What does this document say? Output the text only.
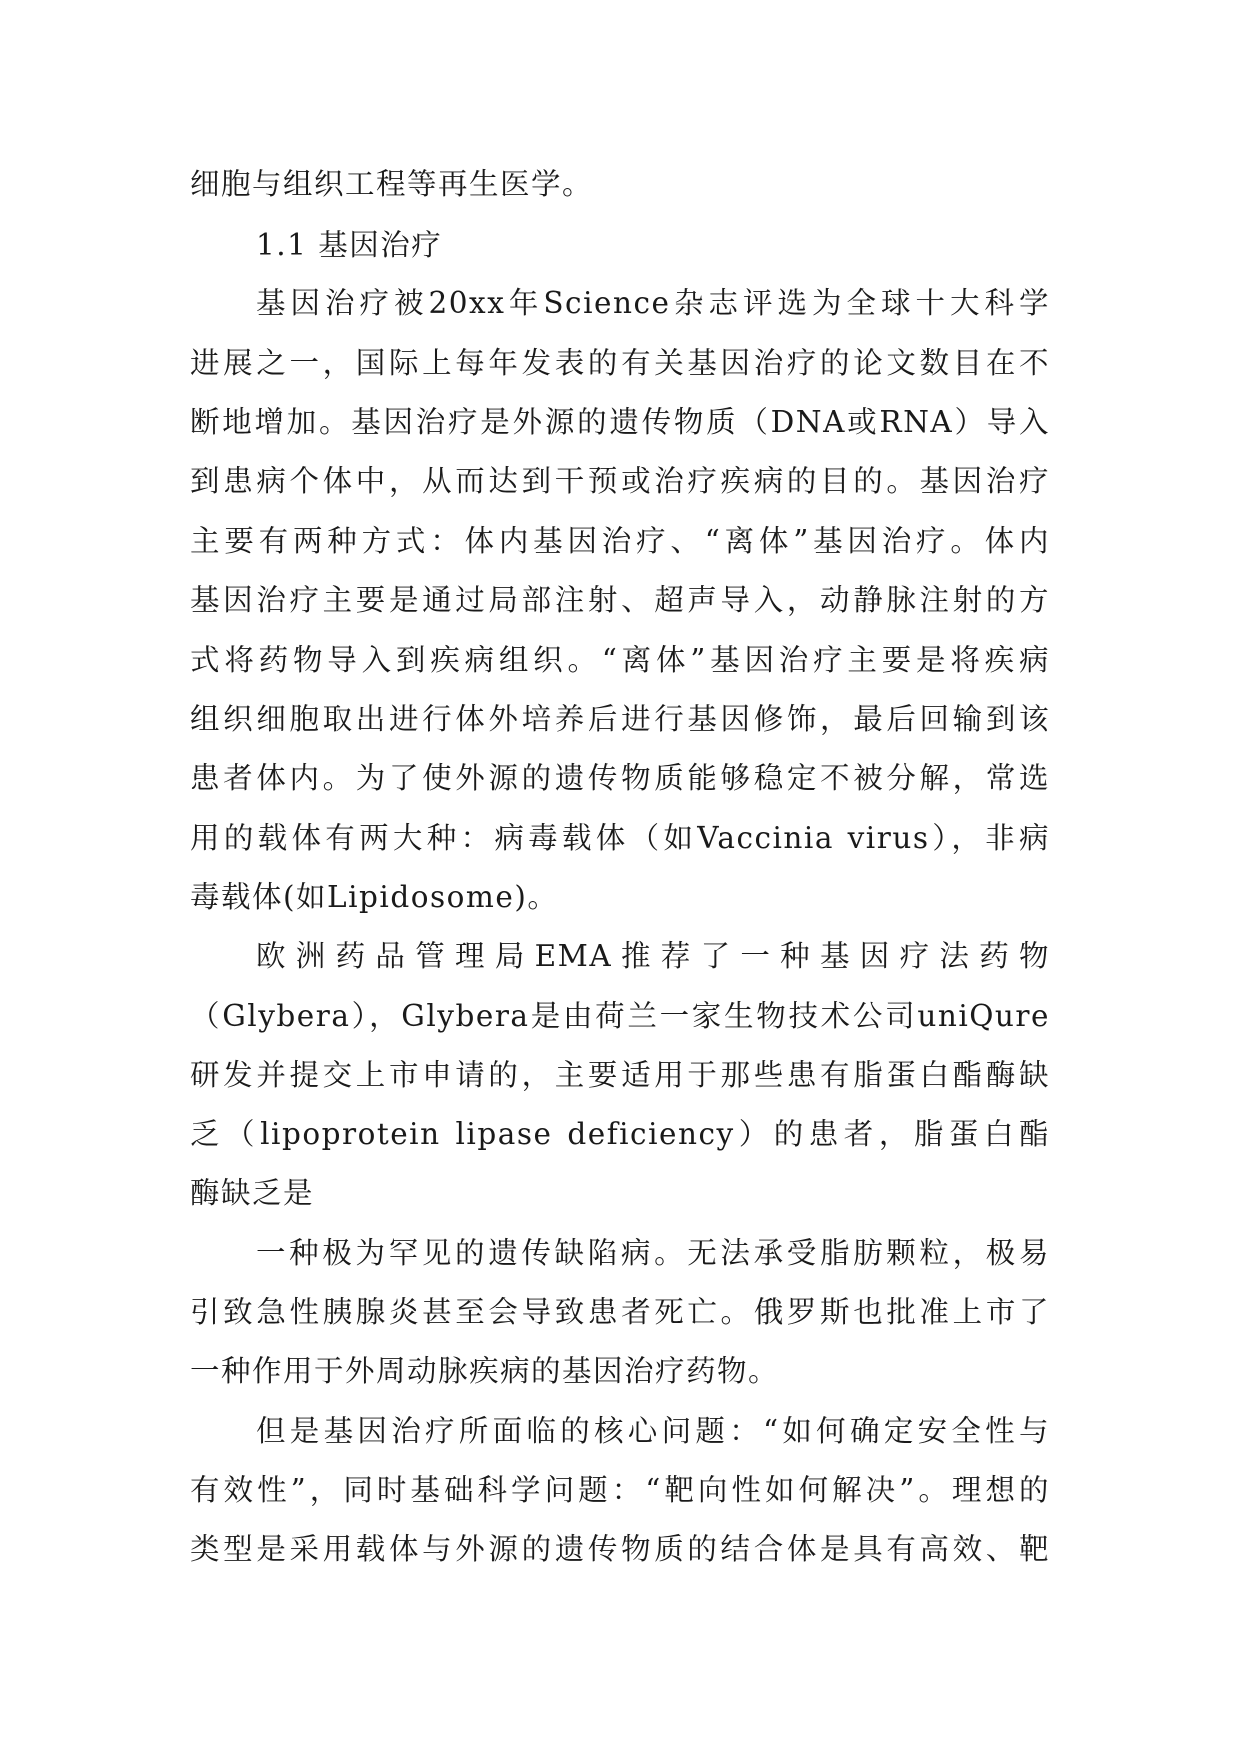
细胞与组织工程等再生医学。
1.1 基因治疗
基因治疗被20xx年Science杂志评选为全球十大科学
进展之一，国际上每年发表的有关基因治疗的论文数目在不
断地增加。基因治疗是外源的遗传物质（DNA或RNA）导入
到患病个体中，从而达到干预或治疗疾病的目的。基因治疗
主要有两种方式：体内基因治疗、“离体”基因治疗。体内
基因治疗主要是通过局部注射、超声导入，动静脉注射的方
式将药物导入到疾病组织。“离体”基因治疗主要是将疾病
组织细胞取出进行体外培养后进行基因修饰，最后回输到该
患者体内。为了使外源的遗传物质能够稳定不被分解，常选
用的载体有两大种：病毒载体（如Vaccinia virus），非病
毒载体(如Lipidosome)。
欧洲药品管理局EMA推荐了一种基因疗法药物
（Glybera），Glybera是由荷兰一家生物技术公司uniQure
研发并提交上市申请的，主要适用于那些患有脂蛋白酯酶缺
乏（lipoprotein lipase deficiency）的患者，脂蛋白酯
酶缺乏是
一种极为罕见的遗传缺陷病。无法承受脂肪颗粒，极易
引致急性胰腺炎甚至会导致患者死亡。俄罗斯也批准上市了
一种作用于外周动脉疾病的基因治疗药物。
但是基因治疗所面临的核心问题：“如何确定安全性与
有效性”，同时基础科学问题：“靶向性如何解决”。理想的
类型是采用载体与外源的遗传物质的结合体是具有高效、靶
